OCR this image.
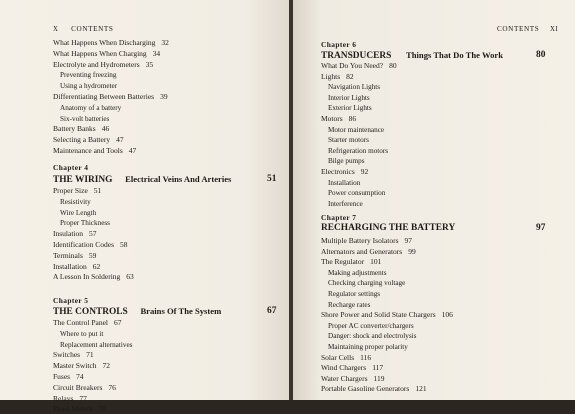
X CONTENTS
What Happens When Discharging 32
What Happens When Charging 34
Electrolyte and Hydrometers 35
Preventing freezing
Using a hydrometer
Differentiating Between Batteries 39
Anatomy of a battery
Six-volt batteries
Battery Banks 46
Selecting a Battery 47
Maintenance and Tools 47
Chapter 4
THE WIRING Electrical Veins And Arteries	51
Proper Size 51
Resistivity
Wire Length
Proper Thickness
Insulation 57
Identification Codes 58
Terminals 59
Installation 62
A Lesson In Soldering 63
Chapter 5
THE CONTROLS Brains Of The System	67
The Control Panel 67
Where to put it
Replacement alternatives
Switches 71
Master Switch 72
Fuses 74
Circuit Breakers 76
Relays 77
Panel Meters 78
CONTENTS XI
Chapter 6
TRANSDUCERS Things That Do The Work	80
What Do You Need? 80
Lights 82
Navigation Lights
Interior Lights
Exterior Lights
Motors 86
Motor maintenance
Starter motors
Refrigeration motors
Bilge pumps
Electronics 92
Installation
Power consumption
Interference
Chapter 7
RECHARGING THE BATTERY	97
Multiple Battery Isolators 97
Alternators and Generators 99
The Regulator 101
Making adjustments
Checking charging voltage
Regulator settings
Recharge rates
Shore Power and Solid State Chargers 106
Proper AC converter/chargers
Danger: shock and electrolysis
Maintaining proper polarity
Solar Cells 116
Wind Chargers 117
Water Chargers 119
Portable Gasoline Generators 121
